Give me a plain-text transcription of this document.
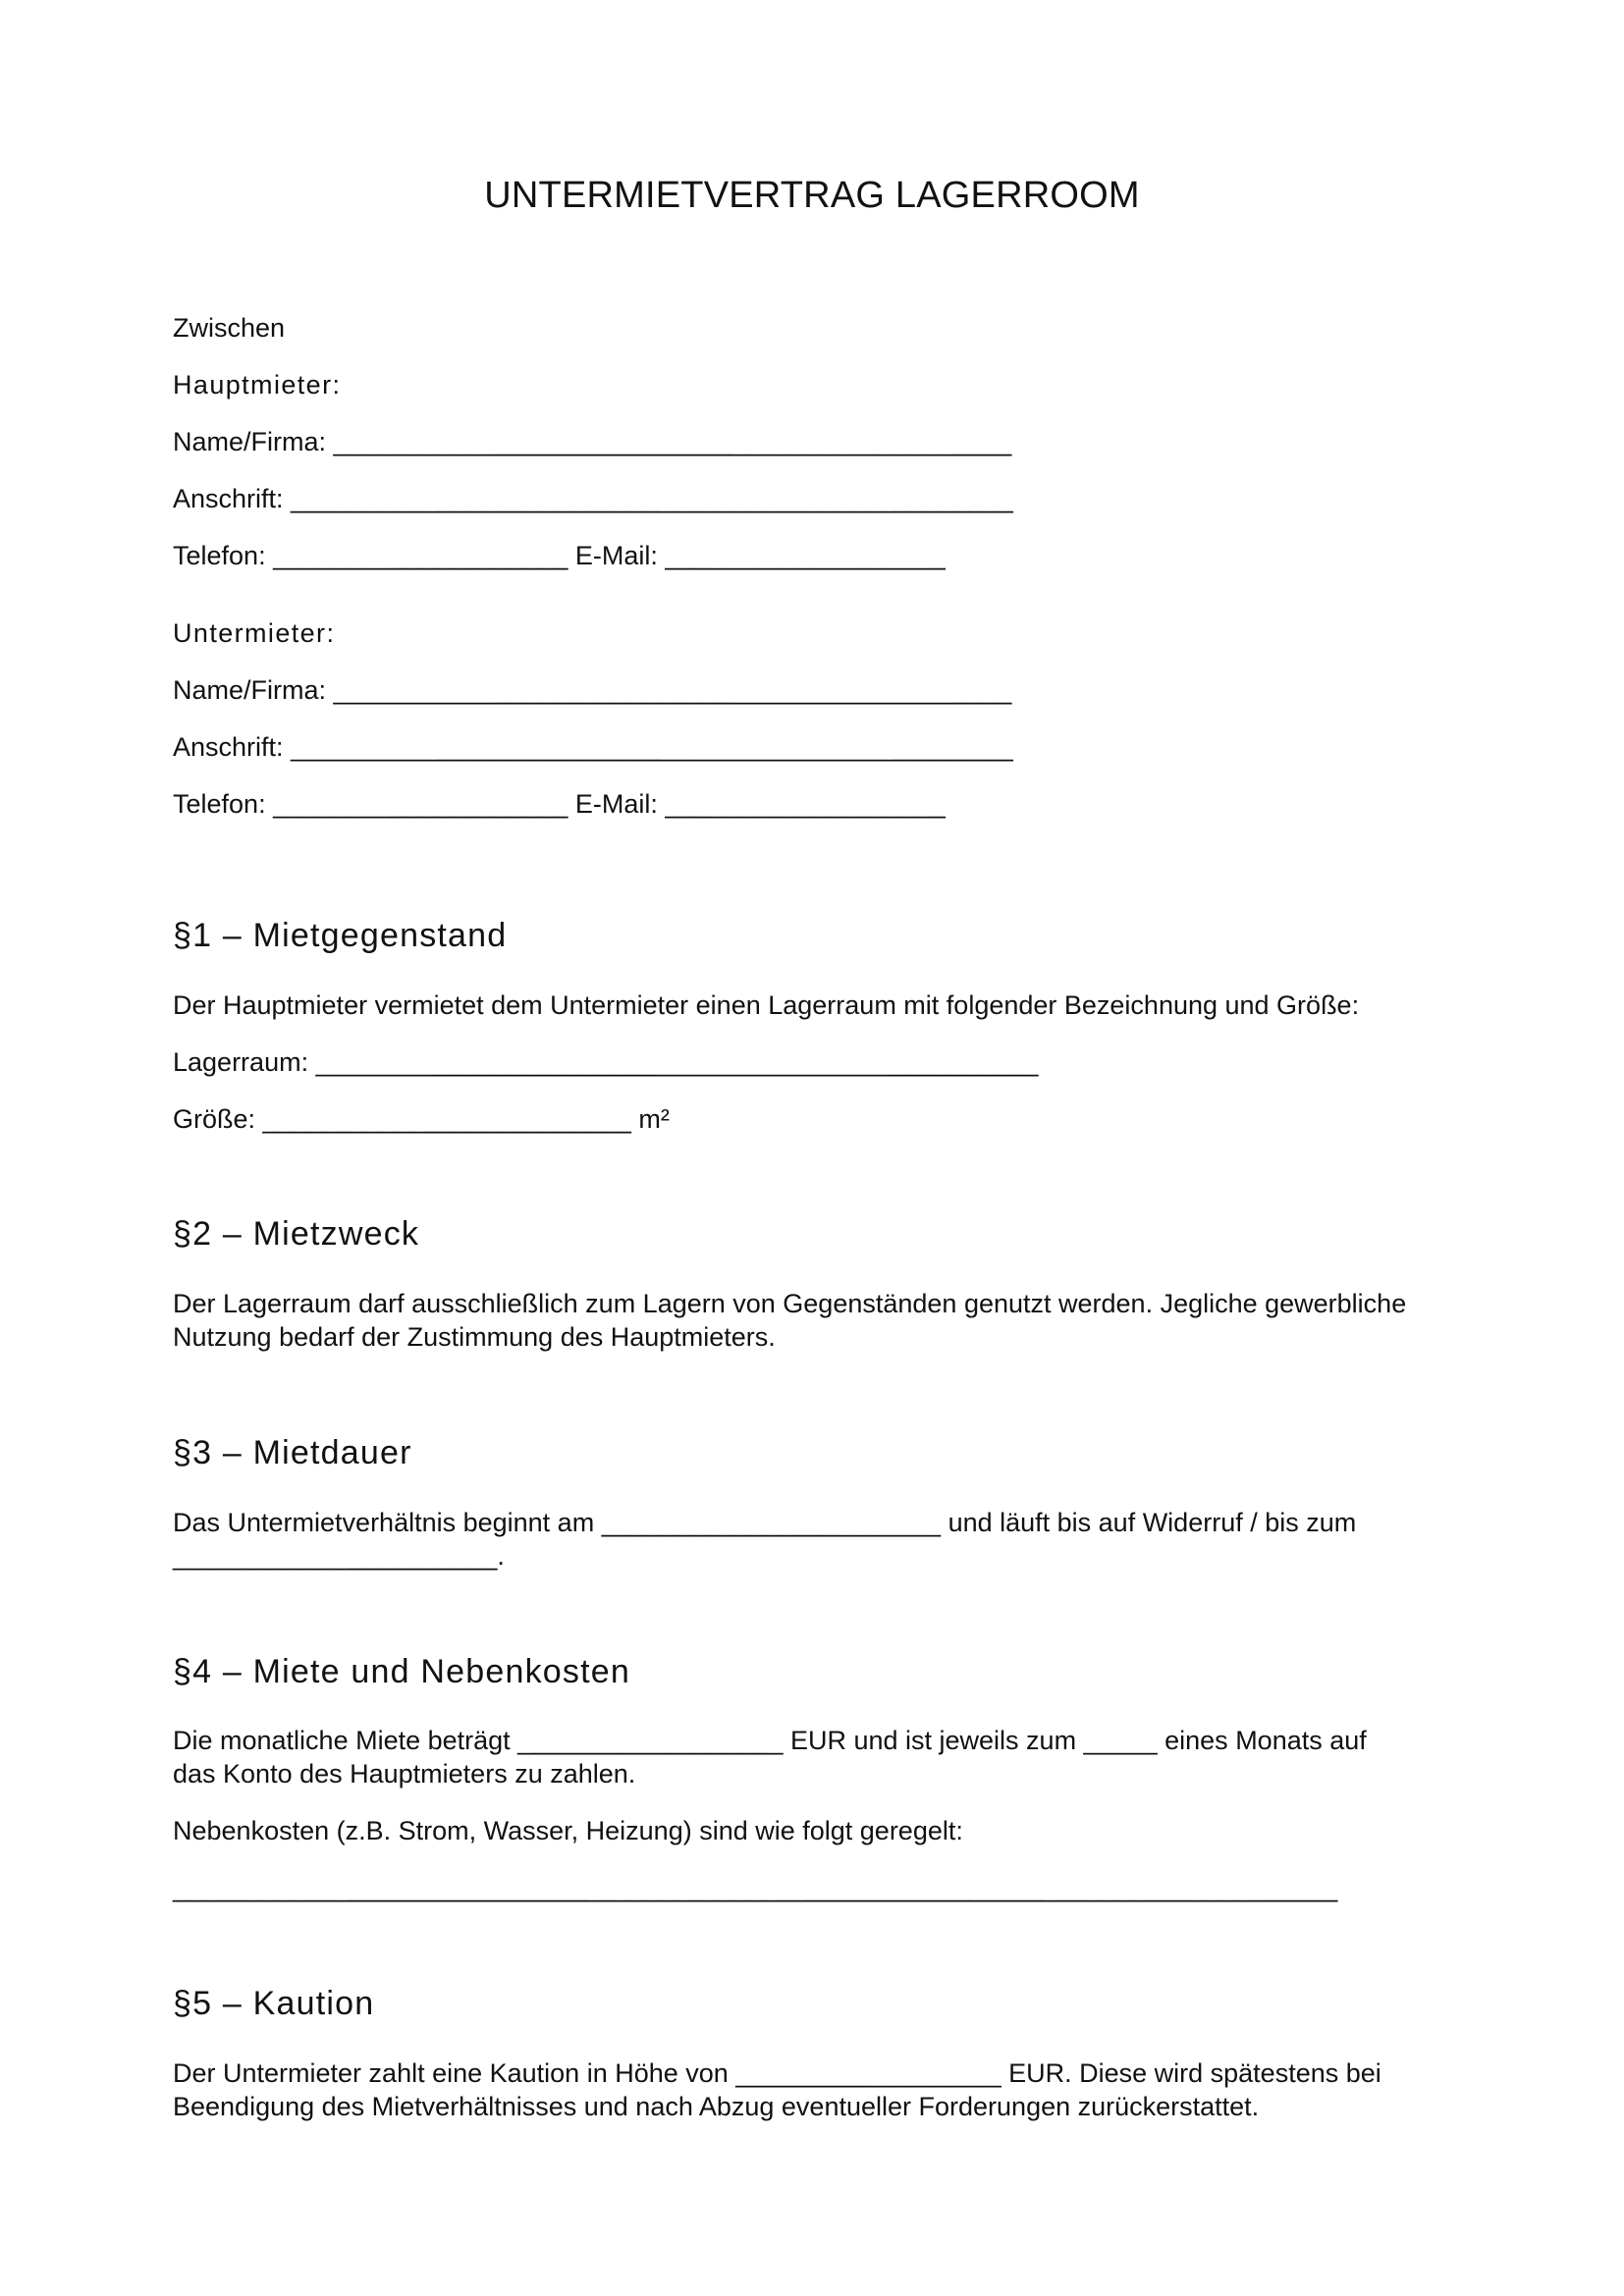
UNTERMIETVERTRAG LAGERROOM
Zwischen
Hauptmieter:
Name/Firma: ______________________________________________
Anschrift: _________________________________________________
Telefon: ____________________ E-Mail: ___________________
Untermieter:
Name/Firma: ______________________________________________
Anschrift: _________________________________________________
Telefon: ____________________ E-Mail: ___________________
§1 – Mietgegenstand
Der Hauptmieter vermietet dem Untermieter einen Lagerraum mit folgender Bezeichnung und Größe:
Lagerraum: _________________________________________________
Größe: _________________________ m²
§2 – Mietzweck
Der Lagerraum darf ausschließlich zum Lagern von Gegenständen genutzt werden. Jegliche gewerbliche
Nutzung bedarf der Zustimmung des Hauptmieters.
§3 – Mietdauer
Das Untermietverhältnis beginnt am _______________________ und läuft bis auf Widerruf / bis zum
______________________.
§4 – Miete und Nebenkosten
Die monatliche Miete beträgt __________________ EUR und ist jeweils zum _____ eines Monats auf
das Konto des Hauptmieters zu zahlen.
Nebenkosten (z.B. Strom, Wasser, Heizung) sind wie folgt geregelt:
_______________________________________________________________________________
§5 – Kaution
Der Untermieter zahlt eine Kaution in Höhe von __________________ EUR. Diese wird spätestens bei
Beendigung des Mietverhältnisses und nach Abzug eventueller Forderungen zurückerstattet.
